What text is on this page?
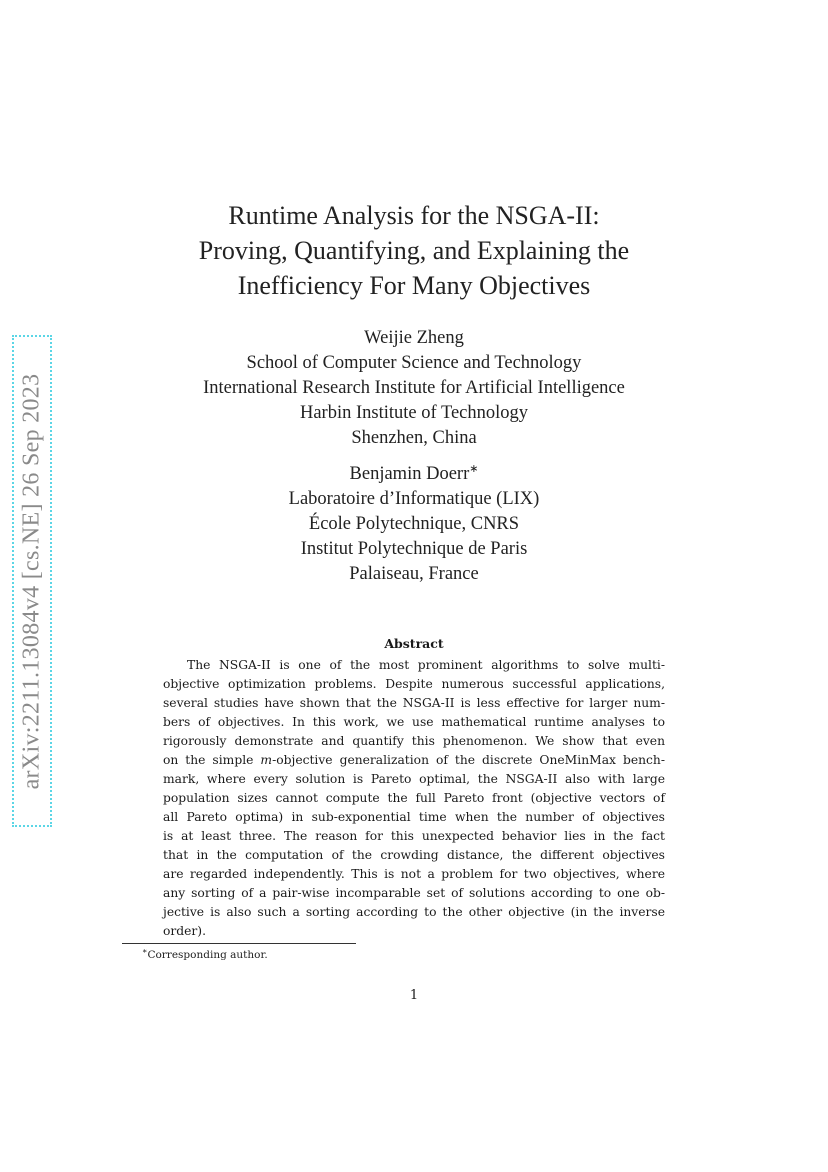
arXiv:2211.13084v4 [cs.NE] 26 Sep 2023
Runtime Analysis for the NSGA-II:
Proving, Quantifying, and Explaining the
Inefficiency For Many Objectives
Weijie Zheng
School of Computer Science and Technology
International Research Institute for Artificial Intelligence
Harbin Institute of Technology
Shenzhen, China
Benjamin Doerr∗
Laboratoire d’Informatique (LIX)
École Polytechnique, CNRS
Institut Polytechnique de Paris
Palaiseau, France
Abstract
The NSGA-II is one of the most prominent algorithms to solve multi-
objective optimization problems. Despite numerous successful applications,
several studies have shown that the NSGA-II is less effective for larger num-
bers of objectives. In this work, we use mathematical runtime analyses to
rigorously demonstrate and quantify this phenomenon. We show that even
on the simple m-objective generalization of the discrete OneMinMax bench-
mark, where every solution is Pareto optimal, the NSGA-II also with large
population sizes cannot compute the full Pareto front (objective vectors of
all Pareto optima) in sub-exponential time when the number of objectives
is at least three. The reason for this unexpected behavior lies in the fact
that in the computation of the crowding distance, the different objectives
are regarded independently. This is not a problem for two objectives, where
any sorting of a pair-wise incomparable set of solutions according to one ob-
jective is also such a sorting according to the other objective (in the inverse
order).
∗Corresponding author.
1
